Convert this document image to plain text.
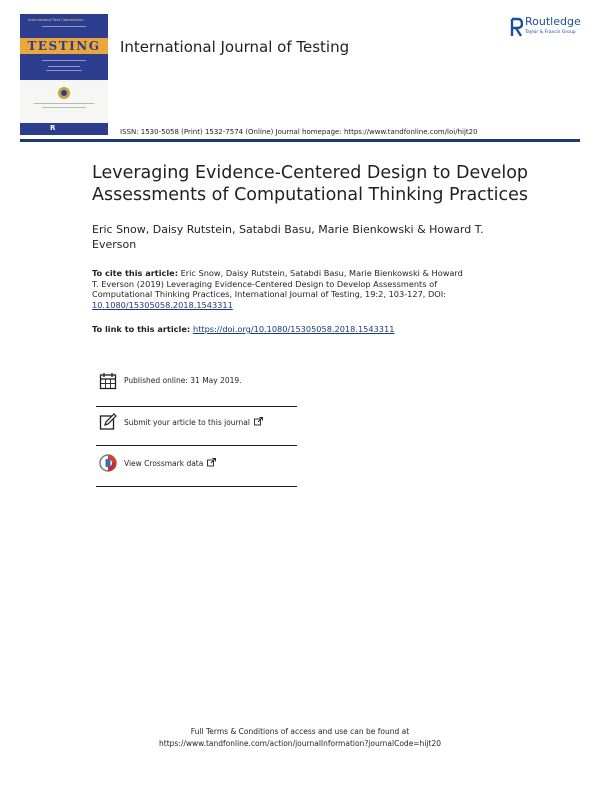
International Test Commission
TESTING
R
International Journal of Testing
Routledge
Taylor & Francis Group
ISSN: 1530-5058 (Print) 1532-7574 (Online) Journal homepage: https://www.tandfonline.com/loi/hijt20
Leveraging Evidence-Centered Design to Develop Assessments of Computational Thinking Practices
Eric Snow, Daisy Rutstein, Satabdi Basu, Marie Bienkowski & Howard T. Everson
To cite this article: Eric Snow, Daisy Rutstein, Satabdi Basu, Marie Bienkowski & Howard T. Everson (2019) Leveraging Evidence-Centered Design to Develop Assessments of Computational Thinking Practices, International Journal of Testing, 19:2, 103-127, DOI: 10.1080/15305058.2018.1543311
To link to this article: https://doi.org/10.1080/15305058.2018.1543311
Published online: 31 May 2019.
Submit your article to this journal
View Crossmark data
Full Terms & Conditions of access and use can be found at
https://www.tandfonline.com/action/journalInformation?journalCode=hijt20
